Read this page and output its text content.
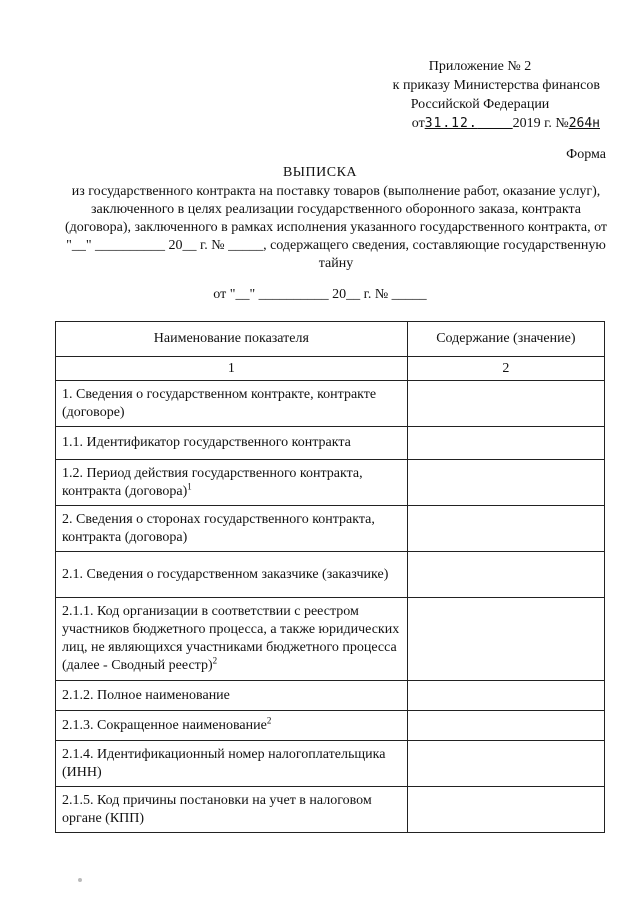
Приложение № 2
к приказу Министерства финансов
Российской Федерации
от31.12.	2019 г. №264н
Форма
ВЫПИСКА
из государственного контракта на поставку товаров (выполнение работ, оказание услуг), заключенного в целях реализации государственного оборонного заказа, контракта (договора), заключенного в рамках исполнения указанного государственного контракта, от "__" __________ 20__ г. № _____, содержащего сведения, составляющие государственную тайну
от "__" __________ 20__ г. № _____
Наименование показателя	Содержание (значение)
1	2
1. Сведения о государственном контракте, контракте (договоре)	
1.1. Идентификатор государственного контракта	
1.2. Период действия государственного контракта, контракта (договора)$^1$	
2. Сведения о сторонах государственного контракта, контракта (договора)	
2.1. Сведения о государственном заказчике (заказчике)	
2.1.1. Код организации в соответствии с реестром участников бюджетного процесса, а также юридических лиц, не являющихся участниками бюджетного процесса (далее - Сводный реестр)$^2$	
2.1.2. Полное наименование	
2.1.3. Сокращенное наименование$^2$	
2.1.4. Идентификационный номер налогоплательщика (ИНН)	
2.1.5. Код причины постановки на учет в налоговом органе (КПП)	
